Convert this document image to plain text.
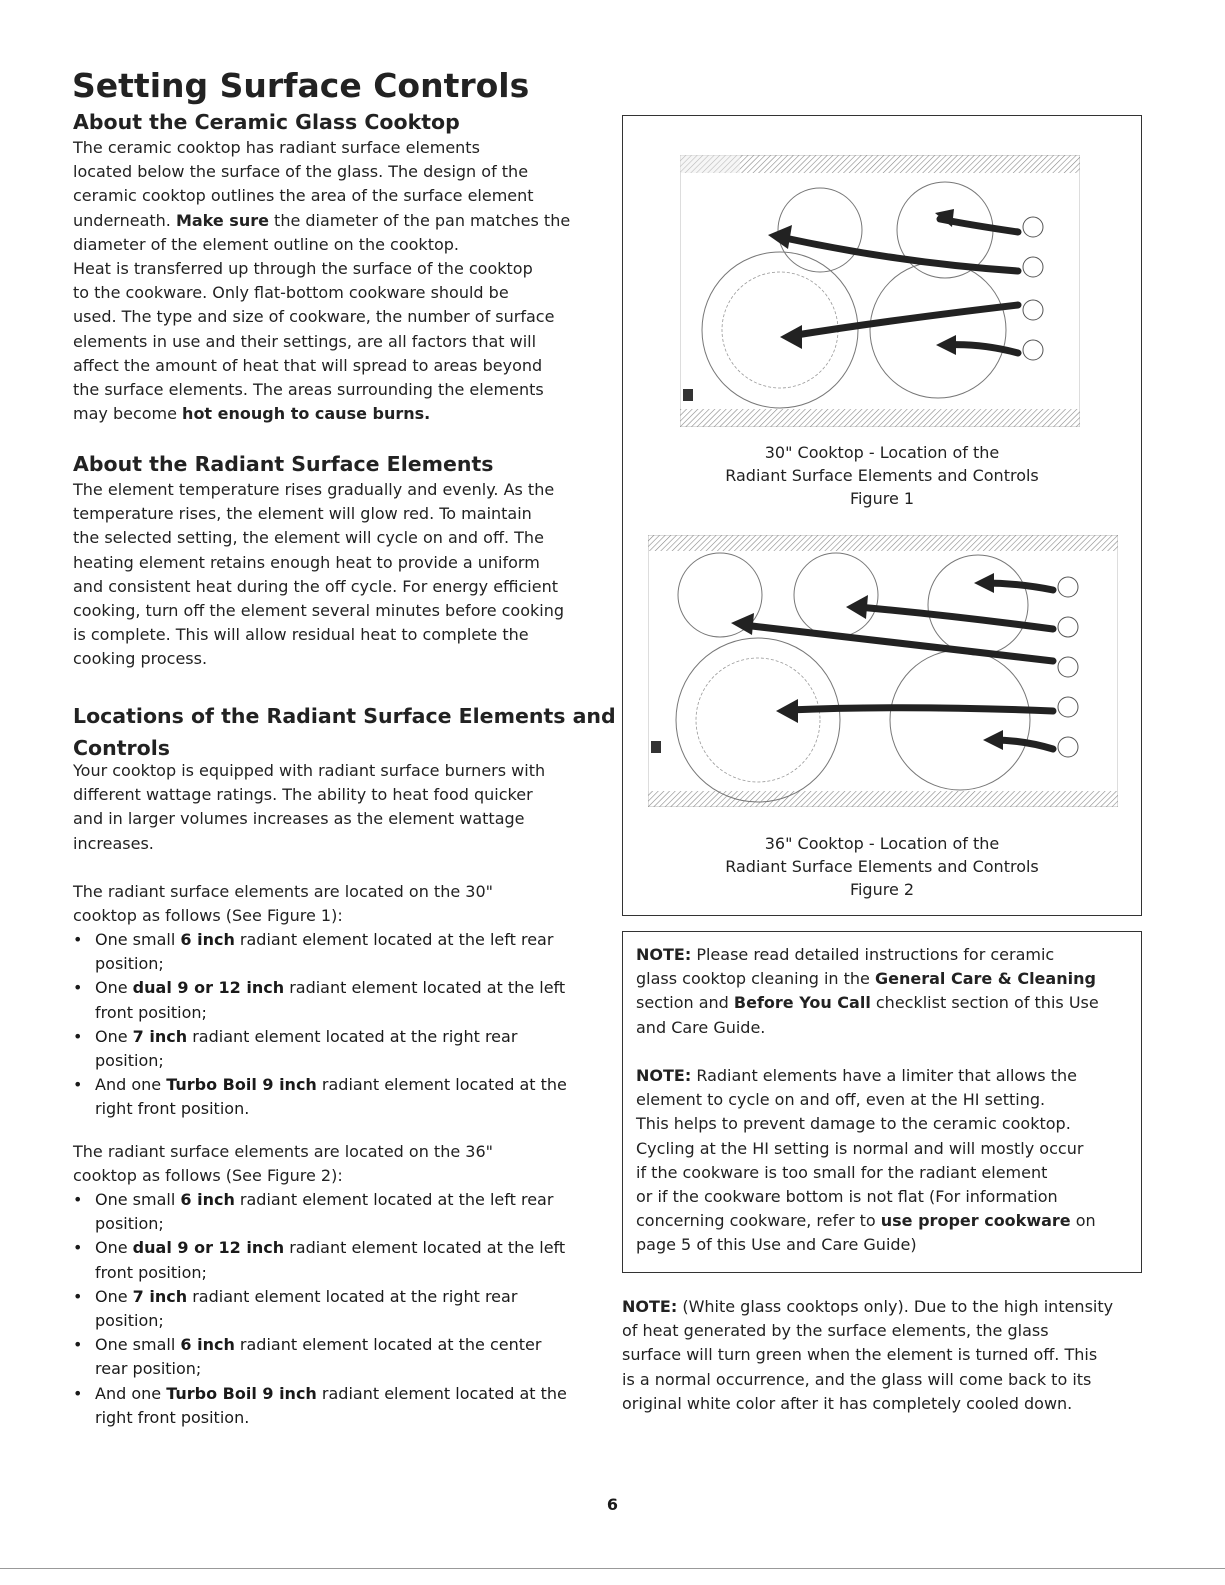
Setting Surface Controls
About the Ceramic Glass Cooktop
The ceramic cooktop has radiant surface elements
located below the surface of the glass. The design of the
ceramic cooktop outlines the area of the surface element
underneath. Make sure the diameter of the pan matches the
diameter of the element outline on the cooktop.
Heat is transferred up through the surface of the cooktop
to the cookware. Only flat-bottom cookware should be
used. The type and size of cookware, the number of surface
elements in use and their settings, are all factors that will
affect the amount of heat that will spread to areas beyond
the surface elements. The areas surrounding the elements
may become hot enough to cause burns.
About the Radiant Surface Elements
The element temperature rises gradually and evenly. As the
temperature rises, the element will glow red. To maintain
the selected setting, the element will cycle on and off. The
heating element retains enough heat to provide a uniform
and consistent heat during the off cycle. For energy efficient
cooking, turn off the element several minutes before cooking
is complete. This will allow residual heat to complete the
cooking process.
Locations of the Radiant Surface Elements and
Controls
Your cooktop is equipped with radiant surface burners with
different wattage ratings. The ability to heat food quicker
and in larger volumes increases as the element wattage
increases.
The radiant surface elements are located on the 30"
cooktop as follows (See Figure 1):
• One small 6 inch radiant element located at the left rear
position;
• One dual 9 or 12 inch radiant element located at the left
front position;
• One 7 inch radiant element located at the right rear
position;
• And one Turbo Boil 9 inch radiant element located at the
right front position.
The radiant surface elements are located on the 36"
cooktop as follows (See Figure 2):
• One small 6 inch radiant element located at the left rear
position;
• One dual 9 or 12 inch radiant element located at the left
front position;
• One 7 inch radiant element located at the right rear
position;
• One small 6 inch radiant element located at the center
rear position;
• And one Turbo Boil 9 inch radiant element located at the
right front position.
30" Cooktop - Location of the
Radiant Surface Elements and Controls
Figure 1
36" Cooktop - Location of the
Radiant Surface Elements and Controls
Figure 2
NOTE: Please read detailed instructions for ceramic
glass cooktop cleaning in the General Care & Cleaning
section and Before You Call checklist section of this Use
and Care Guide.
NOTE: Radiant elements have a limiter that allows the
element to cycle on and off, even at the HI setting.
This helps to prevent damage to the ceramic cooktop.
Cycling at the HI setting is normal and will mostly occur
if the cookware is too small for the radiant element
or if the cookware bottom is not flat (For information
concerning cookware, refer to use proper cookware on
page 5 of this Use and Care Guide)
NOTE: (White glass cooktops only). Due to the high intensity
of heat generated by the surface elements, the glass
surface will turn green when the element is turned off. This
is a normal occurrence, and the glass will come back to its
original white color after it has completely cooled down.
6
